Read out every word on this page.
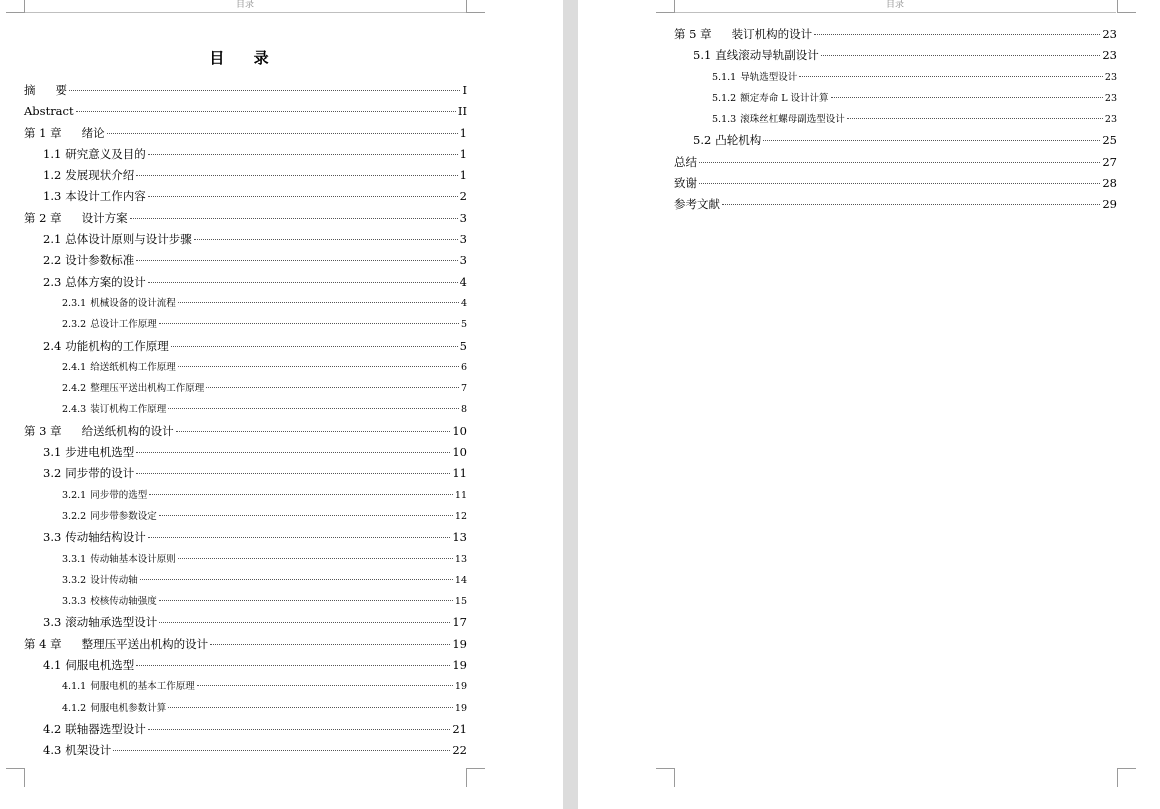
目录
目 录
摘 要	I
Abstract	II
第 1 章 绪论	1
1.1 研究意义及目的	1
1.2 发展现状介绍	1
1.3 本设计工作内容	2
第 2 章 设计方案	3
2.1 总体设计原则与设计步骤	3
2.2 设计参数标准	3
2.3 总体方案的设计	4
2.3.1 机械设备的设计流程	4
2.3.2 总设计工作原理	5
2.4 功能机构的工作原理	5
2.4.1 给送纸机构工作原理	6
2.4.2 整理压平送出机构工作原理	7
2.4.3 装订机构工作原理	8
第 3 章 给送纸机构的设计	10
3.1 步进电机选型	10
3.2 同步带的设计	11
3.2.1 同步带的选型	11
3.2.2 同步带参数设定	12
3.3 传动轴结构设计	13
3.3.1 传动轴基本设计原则	13
3.3.2 设计传动轴	14
3.3.3 校核传动轴强度	15
3.3 滚动轴承选型设计	17
第 4 章 整理压平送出机构的设计	19
4.1 伺服电机选型	19
4.1.1 伺服电机的基本工作原理	19
4.1.2 伺服电机参数计算	19
4.2 联轴器选型设计	21
4.3 机架设计	22
目录
第 5 章 装订机构的设计	23
5.1 直线滚动导轨副设计	23
5.1.1 导轨选型设计	23
5.1.2 额定寿命 L 设计计算	23
5.1.3 滚珠丝杠螺母副选型设计	23
5.2 凸轮机构	25
总结	27
致谢	28
参考文献	29
